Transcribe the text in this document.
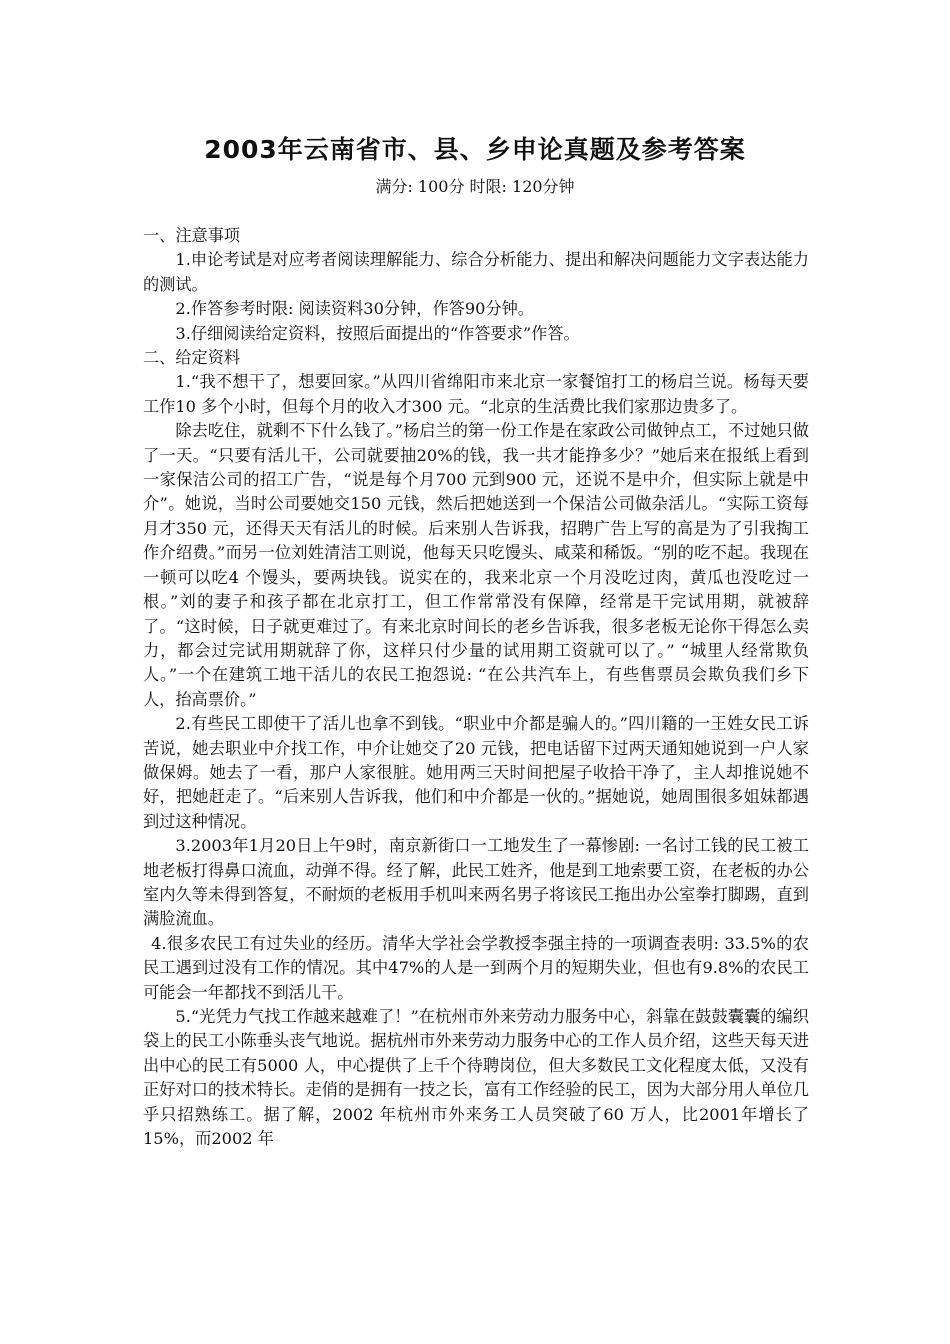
2003年云南省市、县、乡申论真题及参考答案
满分: 100分 时限: 120分钟

一、注意事项

1.申论考试是对应考者阅读理解能力、综合分析能力、提出和解决问题能力文字表达能力的测试。

2.作答参考时限: 阅读资料30分钟，作答90分钟。

3.仔细阅读给定资料，按照后面提出的“作答要求”作答。

二、给定资料

1.“我不想干了，想要回家。”从四川省绵阳市来北京一家餐馆打工的杨启兰说。杨每天要工作10 多个小时，但每个月的收入才300 元。“北京的生活费比我们家那边贵多了。

除去吃住，就剩不下什么钱了。”杨启兰的第一份工作是在家政公司做钟点工，不过她只做了一天。“只要有活儿干，公司就要抽20%的钱，我一共才能挣多少？”她后来在报纸上看到一家保洁公司的招工广告，“说是每个月700 元到900 元，还说不是中介，但实际上就是中介”。她说，当时公司要她交150 元钱，然后把她送到一个保洁公司做杂活儿。“实际工资每月才350 元，还得天天有活儿的时候。后来别人告诉我，招聘广告上写的高是为了引我掏工作介绍费。”而另一位刘姓清洁工则说，他每天只吃馒头、咸菜和稀饭。“别的吃不起。我现在一顿可以吃4 个馒头，要两块钱。说实在的，我来北京一个月没吃过肉，黄瓜也没吃过一根。”刘的妻子和孩子都在北京打工，但工作常常没有保障，经常是干完试用期，就被辞了。“这时候，日子就更难过了。有来北京时间长的老乡告诉我，很多老板无论你干得怎么卖力，都会过完试用期就辞了你，这样只付少量的试用期工资就可以了。” “城里人经常欺负人。”一个在建筑工地干活儿的农民工抱怨说: “在公共汽车上，有些售票员会欺负我们乡下人，抬高票价。”

2.有些民工即使干了活儿也拿不到钱。“职业中介都是骗人的。”四川籍的一王姓女民工诉苦说，她去职业中介找工作，中介让她交了20 元钱，把电话留下过两天通知她说到一户人家做保姆。她去了一看，那户人家很脏。她用两三天时间把屋子收拾干净了，主人却推说她不好，把她赶走了。“后来别人告诉我，他们和中介都是一伙的。”据她说，她周围很多姐妹都遇到过这种情况。

3.2003年1月20日上午9时，南京新街口一工地发生了一幕惨剧: 一名讨工钱的民工被工地老板打得鼻口流血，动弹不得。经了解，此民工姓齐，他是到工地索要工资，在老板的办公室内久等未得到答复，不耐烦的老板用手机叫来两名男子将该民工拖出办公室拳打脚踢，直到满脸流血。

4.很多农民工有过失业的经历。清华大学社会学教授李强主持的一项调查表明: 33.5%的农民工遇到过没有工作的情况。其中47%的人是一到两个月的短期失业，但也有9.8%的农民工可能会一年都找不到活儿干。

5.“光凭力气找工作越来越难了！”在杭州市外来劳动力服务中心，斜靠在鼓鼓囊囊的编织袋上的民工小陈垂头丧气地说。据杭州市外来劳动力服务中心的工作人员介绍，这些天每天进出中心的民工有5000 人，中心提供了上千个待聘岗位，但大多数民工文化程度太低，又没有正好对口的技术特长。走俏的是拥有一技之长，富有工作经验的民工，因为大部分用人单位几乎只招熟练工。据了解，2002 年杭州市外来务工人员突破了60 万人，比2001年增长了15%，而2002 年
